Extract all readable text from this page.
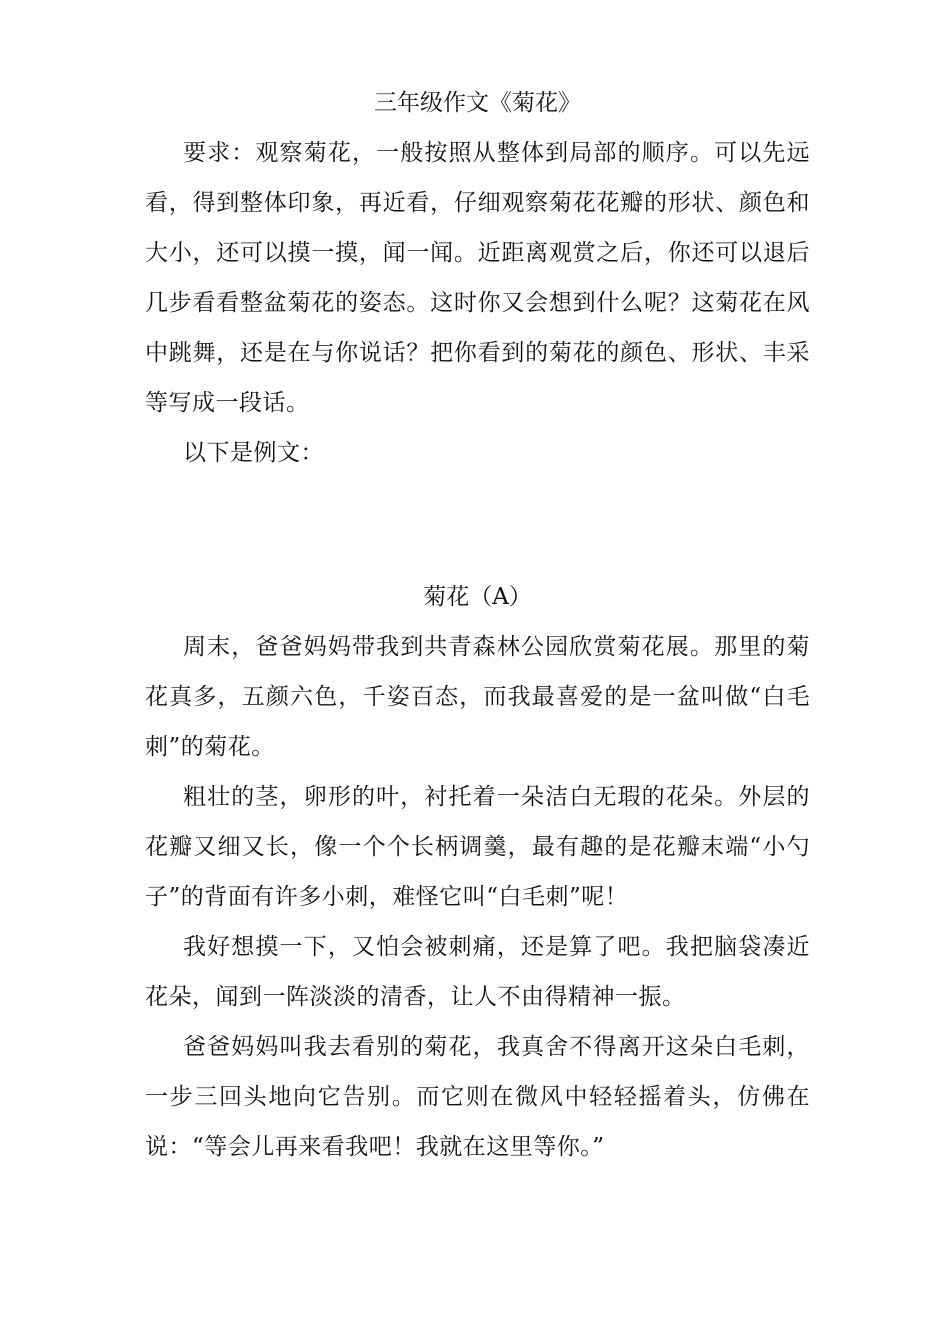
三年级作文《菊花》

要求：观察菊花，一般按照从整体到局部的顺序。可以先远看，得到整体印象，再近看，仔细观察菊花花瓣的形状、颜色和大小，还可以摸一摸，闻一闻。近距离观赏之后，你还可以退后几步看看整盆菊花的姿态。这时你又会想到什么呢？这菊花在风中跳舞，还是在与你说话？把你看到的菊花的颜色、形状、丰采等写成一段话。

以下是例文：

菊花（A）

周末，爸爸妈妈带我到共青森林公园欣赏菊花展。那里的菊花真多，五颜六色，千姿百态，而我最喜爱的是一盆叫做“白毛刺”的菊花。

粗壮的茎，卵形的叶，衬托着一朵洁白无瑕的花朵。外层的花瓣又细又长，像一个个长柄调羹，最有趣的是花瓣末端“小勺子”的背面有许多小刺，难怪它叫“白毛刺”呢！

我好想摸一下，又怕会被刺痛，还是算了吧。我把脑袋凑近花朵，闻到一阵淡淡的清香，让人不由得精神一振。

爸爸妈妈叫我去看别的菊花，我真舍不得离开这朵白毛刺，一步三回头地向它告别。而它则在微风中轻轻摇着头，仿佛在说：“等会儿再来看我吧！我就在这里等你。”
